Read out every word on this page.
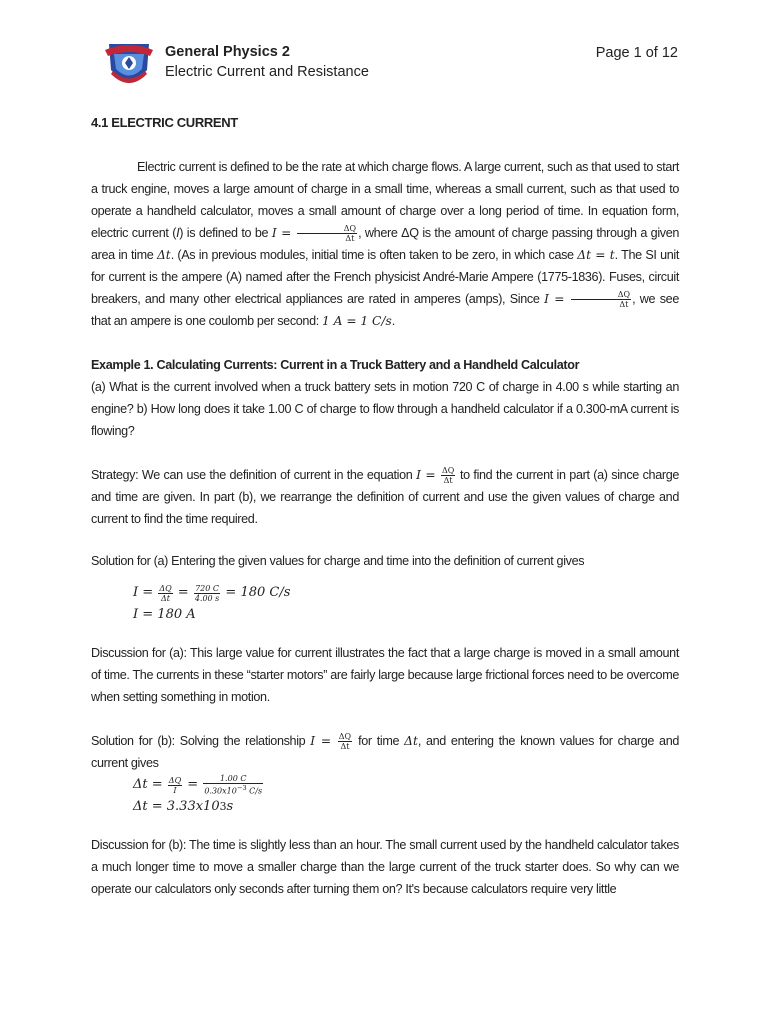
General Physics 2
Electric Current and Resistance
Page 1 of 12
4.1 ELECTRIC CURRENT

Electric current is defined to be the rate at which charge flows. A large current, such as that used to start a truck engine, moves a large amount of charge in a small time, whereas a small current, such as that used to operate a handheld calculator, moves a small amount of charge over a long period of time. In equation form, electric current (I) is defined to be $I = \frac{\Delta Q}{\Delta t}$ , where ΔQ is the amount of charge passing through a given area in time Δt. (As in previous modules, initial time is often taken to be zero, in which case Δt = t. The SI unit for current is the ampere (A) named after the French physicist André-Marie Ampere (1775-1836). Fuses, circuit breakers, and many other electrical appliances are rated in amperes (amps), Since $I = \frac{\Delta Q}{\Delta t}$ , we see that an ampere is one coulomb per second: 1 A = 1 C/s.

Example 1. Calculating Currents: Current in a Truck Battery and a Handheld Calculator

(a) What is the current involved when a truck battery sets in motion 720 C of charge in 4.00 s while starting an engine? b) How long does it take 1.00 C of charge to flow through a handheld calculator if a 0.300-mA current is flowing?

Strategy: We can use the definition of current in the equation $I = \frac{\Delta Q}{\Delta t}$ to find the current in part (a) since charge and time are given. In part (b), we rearrange the definition of current and use the given values of charge and current to find the time required.

Solution for (a) Entering the given values for charge and time into the definition of current gives

$I = \frac{\Delta Q}{\Delta t} = \frac{720 C}{4.00 s} = 180$ C/s
I = 180 A

Discussion for (a): This large value for current illustrates the fact that a large charge is moved in a small amount of time. The currents in these “starter motors” are fairly large because large frictional forces need to be overcome when setting something in motion.

Solution for (b): Solving the relationship $I = \frac{\Delta Q}{\Delta t}$ for time Δt, and entering the known values for charge and current gives

$\Delta t = \frac{\Delta Q}{I} = \frac{1.00 C}{0.30x10^{-3} C/s}$
Δt = 3.33x10 3 s

Discussion for (b): The time is slightly less than an hour. The small current used by the handheld calculator takes a much longer time to move a smaller charge than the large current of the truck starter does. So why can we operate our calculators only seconds after turning them on? It's because calculators require very little
